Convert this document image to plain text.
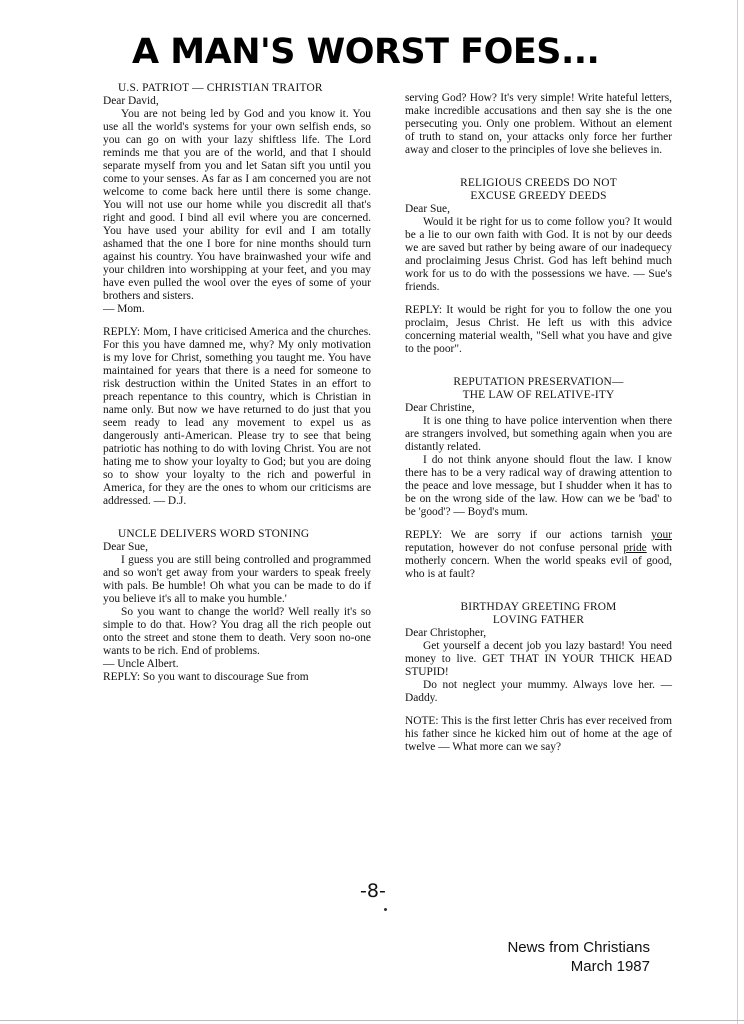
A MAN'S WORST FOES...

U.S. PATRIOT — CHRISTIAN TRAITOR

Dear David,

You are not being led by God and you know it. You use all the world's systems for your own selfish ends, so you can go on with your lazy shiftless life. The Lord reminds me that you are of the world, and that I should separate myself from you and let Satan sift you until you come to your senses. As far as I am concerned you are not welcome to come back here until there is some change. You will not use our home while you discredit all that's right and good. I bind all evil where you are concerned. You have used your ability for evil and I am totally ashamed that the one I bore for nine months should turn against his country. You have brainwashed your wife and your children into worshipping at your feet, and you may have even pulled the wool over the eyes of some of your brothers and sisters.

— Mom.

REPLY: Mom, I have criticised America and the churches. For this you have damned me, why? My only motivation is my love for Christ, something you taught me. You have maintained for years that there is a need for someone to risk destruction within the United States in an effort to preach repentance to this country, which is Christian in name only. But now we have returned to do just that you seem ready to lead any movement to expel us as dangerously anti-American. Please try to see that being patriotic has nothing to do with loving Christ. You are not hating me to show your loyalty to God; but you are doing so to show your loyalty to the rich and powerful in America, for they are the ones to whom our criticisms are addressed. — D.J.

UNCLE DELIVERS WORD STONING

Dear Sue,

I guess you are still being controlled and programmed and so won't get away from your warders to speak freely with pals. Be humble! Oh what you can be made to do if you believe it's all to make you humble.'

So you want to change the world? Well really it's so simple to do that. How? You drag all the rich people out onto the street and stone them to death. Very soon no-one wants to be rich. End of problems.

— Uncle Albert.

REPLY: So you want to discourage Sue from

serving God? How? It's very simple! Write hateful letters, make incredible accusations and then say she is the one persecuting you. Only one problem. Without an element of truth to stand on, your attacks only force her further away and closer to the principles of love she believes in.

RELIGIOUS CREEDS DO NOT

EXCUSE GREEDY DEEDS

Dear Sue,

Would it be right for us to come follow you? It would be a lie to our own faith with God. It is not by our deeds we are saved but rather by being aware of our inadequecy and proclaiming Jesus Christ. God has left behind much work for us to do with the possessions we have. — Sue's friends.

REPLY: It would be right for you to follow the one you proclaim, Jesus Christ. He left us with this advice concerning material wealth, "Sell what you have and give to the poor".

REPUTATION PRESERVATION—

THE LAW OF RELATIVE-ITY

Dear Christine,

It is one thing to have police intervention when there are strangers involved, but something again when you are distantly related.

I do not think anyone should flout the law. I know there has to be a very radical way of drawing attention to the peace and love message, but I shudder when it has to be on the wrong side of the law. How can we be 'bad' to be 'good'? — Boyd's mum.

REPLY: We are sorry if our actions tarnish your reputation, however do not confuse personal pride with motherly concern. When the world speaks evil of good, who is at fault?

BIRTHDAY GREETING FROM

LOVING FATHER

Dear Christopher,

Get yourself a decent job you lazy bastard! You need money to live. GET THAT IN YOUR THICK HEAD STUPID!

Do not neglect your mummy. Always love her. — Daddy.

NOTE: This is the first letter Chris has ever received from his father since he kicked him out of home at the age of twelve — What more can we say?

-8-
News from Christians
March 1987
